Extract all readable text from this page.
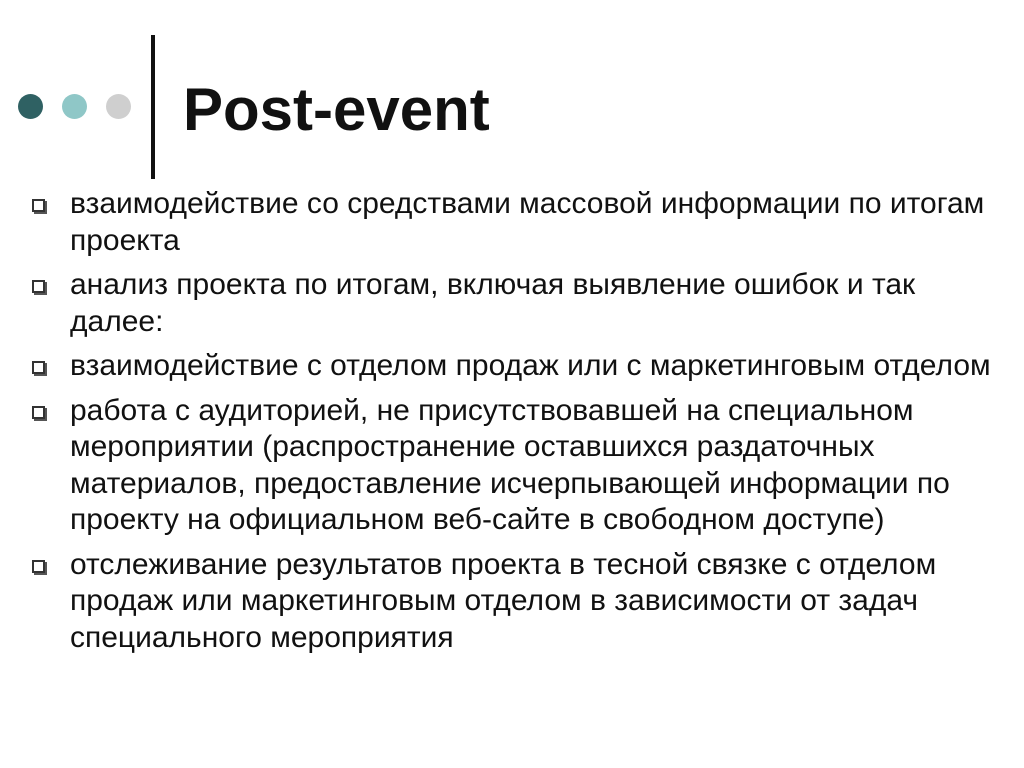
Post-event
взаимодействие со средствами массовой информации по итогам проекта
анализ проекта по итогам, включая выявление ошибок и так далее:
взаимодействие с отделом продаж или с маркетинговым отделом
работа с аудиторией, не присутствовавшей на специальном мероприятии (распространение оставшихся раздаточных материалов, предоставление исчерпывающей информации по проекту на официальном веб-сайте в свободном доступе)
отслеживание результатов проекта в тесной связке с отделом продаж или маркетинговым отделом в зависимости от задач специального мероприятия
